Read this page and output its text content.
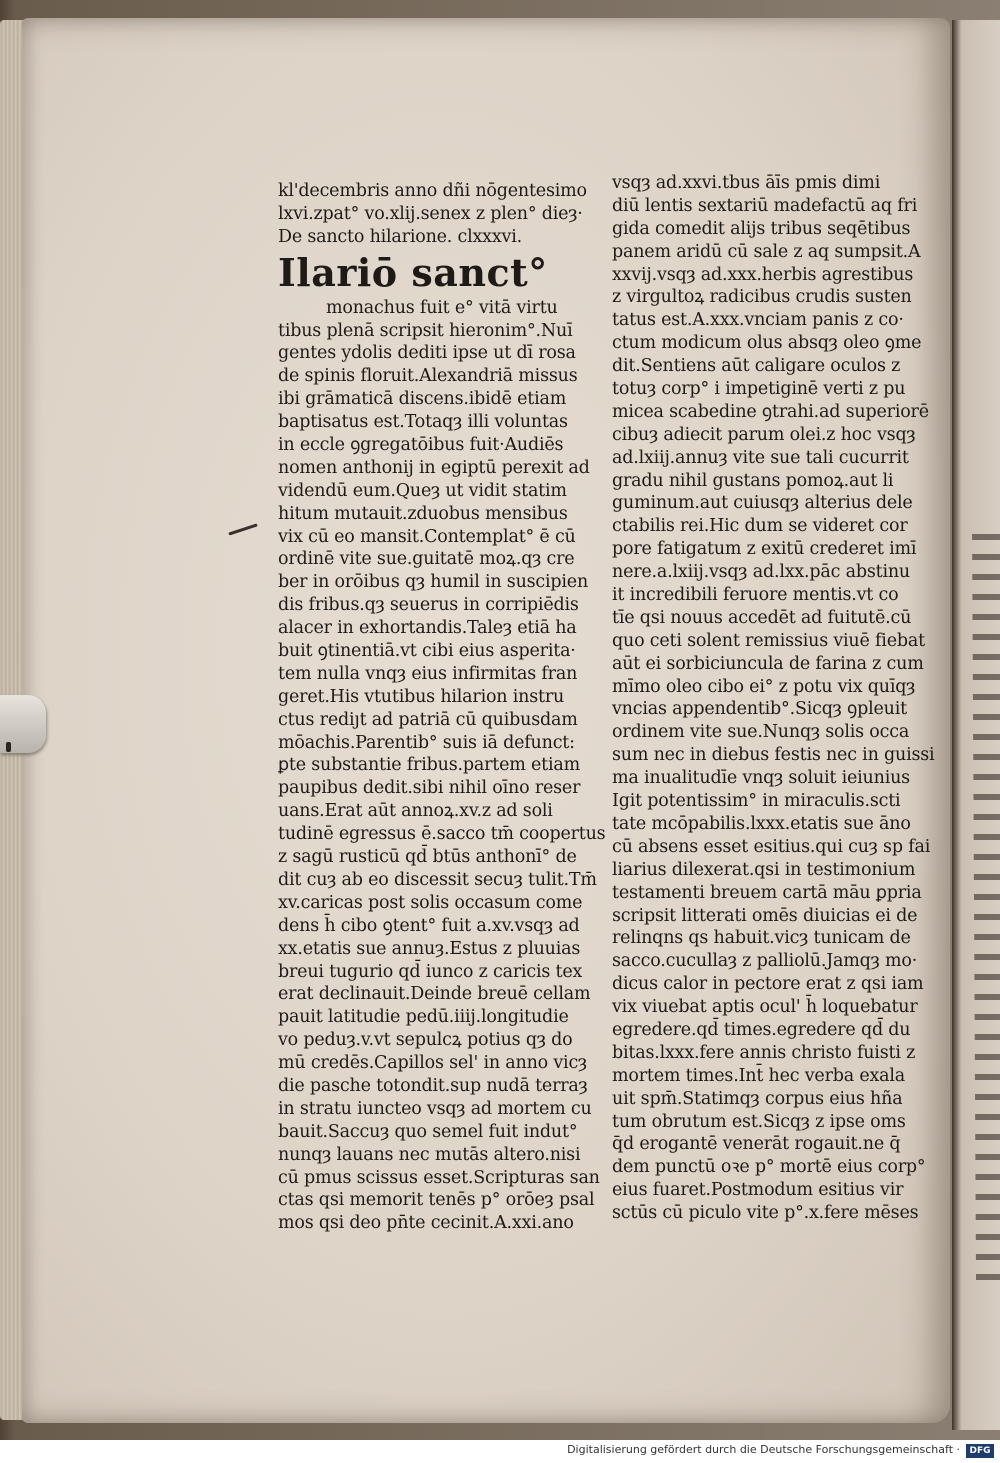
kl'decembris anno dñi nōgentesimo
lxvi.zpat° vo.xlij.senex z plen° dieȝ·
De sancto hilarione. clxxxvi.
Ilariō sanct°
monachus fuit e° vitā virtu
tibus plenā scripsit hieronim°.Nuī
gentes ydolis dediti ipse ut dī rosa
de spinis floruit.Alexandriā missus
ibi grāmaticā discens.ibidē etiam
baptisatus est.Totaqȝ illi voluntas
in eccle ꝯgregatōibus fuit·Audiēs
nomen anthonij in egiptū perexit ad
videndū eum.Queȝ ut vidit statim
hitum mutauit.zduobus mensibus
vix cū eo mansit.Contemplat° ē cū
ordinē vite sue.guitatē moꝝ.qȝ cre
ber in orōibus qȝ humil in suscipien
dis fribus.qȝ seuerus in corripiēdis
alacer in exhortandis.Taleȝ etiā ha
buit ꝯtinentiā.vt cibi eius asperita·
tem nulla vnqȝ eius infirmitas fran
geret.His vtutibus hilarion instru
ctus rediȷt ad patriā cū quibusdam
mōachis.Parentib° suis iā defunct:
ꝑte substantie fribus.partem etiam
paupibus dedit.sibi nihil oīno reser
uans.Erat aūt annoꝝ.xv.z ad soli
tudinē egressus ē.sacco tm̄ coopertus
z sagū rusticū qd̄ btūs anthonī° de
dit cuȝ ab eo discessit secuȝ tulit.Tm̄
xv.caricas post solis occasum come
dens h̄ cibo ꝯtent° fuit a.xv.vsqȝ ad
xx.etatis sue annuȝ.Estus z pluuias
breui tugurio qd̄ iunco z caricis tex
erat declinauit.Deinde breuē cellam
pauit latitudie pedū.iiij.longitudie
vo peduȝ.v.vt sepulcꝝ potius qȝ do
mū credēs.Capillos sel' in anno vicȝ
die pasche totondit.sup nudā terraȝ
in stratu iuncteo vsqȝ ad mortem cu
bauit.Saccuȝ quo semel fuit indut°
nunqȝ lauans nec mutās altero.nisi
cū pmus scissus esset.Scripturas san
ctas qsi memorit tenēs p° orōeȝ psal
mos qsi deo pn̄te cecinit.A.xxi.ano
vsqȝ ad.xxvi.tbus āīs pmis dimi
diū lentis sextariū madefactū aq fri
gida comedit alijs tribus seqētibus
panem aridū cū sale z aq sumpsit.A
xxvij.vsqȝ ad.xxx.herbis agrestibus
z virgultoꝝ radicibus crudis susten
tatus est.A.xxx.vnciam panis z co·
ctum modicum olus absqȝ oleo ꝯme
dit.Sentiens aūt caligare oculos z
totuȝ corp° i impetiginē verti z pu
micea scabedine ꝯtrahi.ad superiorē
cibuȝ adiecit parum olei.z hoc vsqȝ
ad.lxiij.annuȝ vite sue tali cucurrit
gradu nihil gustans pomoꝝ.aut li
guminum.aut cuiusqȝ alterius dele
ctabilis rei.Hic dum se videret cor
pore fatigatum z exitū crederet imī
nere.a.lxiij.vsqȝ ad.lxx.pāc abstinu
it incredibili feruore mentis.vt co
tīe qsi nouus accedēt ad fuitutē.cū
quo ceti solent remissius viuē fiebat
aūt ei sorbiciuncula de farina z cum
mīmo oleo cibo ei° z potu vix quīqȝ
vncias appendentib°.Sicqȝ ꝯpleuit
ordinem vite sue.Nunqȝ solis occa
sum nec in diebus festis nec in guissi
ma inualitudīe vnqȝ soluit ieiunius
Igit potentissim° in miraculis.scti
tate mcōpabilis.lxxx.etatis sue āno
cū absens esset esitius.qui cuȝ sp fai
liarius dilexerat.qsi in testimonium
testamenti breuem cartā māu ꝑpria
scripsit litterati omēs diuicias ei de
relinqns qs habuit.vicȝ tunicam de
sacco.cucullaȝ z palliolū.Jamqȝ mo·
dicus calor in pectore erat z qsi iam
vix viuebat aptis ocul' h̄ loquebatur
egredere.qd̄ times.egredere qd̄ du
bitas.lxxx.fere annis christo fuisti z
mortem times.Int̄ hec verba exala
uit spm̄.Statimqȝ corpus eius hña
tum obrutum est.Sicqȝ z ipse oms
q̄d erogantē venerāt rogauit.ne q̄
dem punctū oꝛe p° mortē eius corp°
eius fuaret.Postmodum esitius vir
sctūs cū piculo vite p°.x.fere mēses
Digitalisierung gefördert durch die Deutsche Forschungsgemeinschaft ·	DFG
